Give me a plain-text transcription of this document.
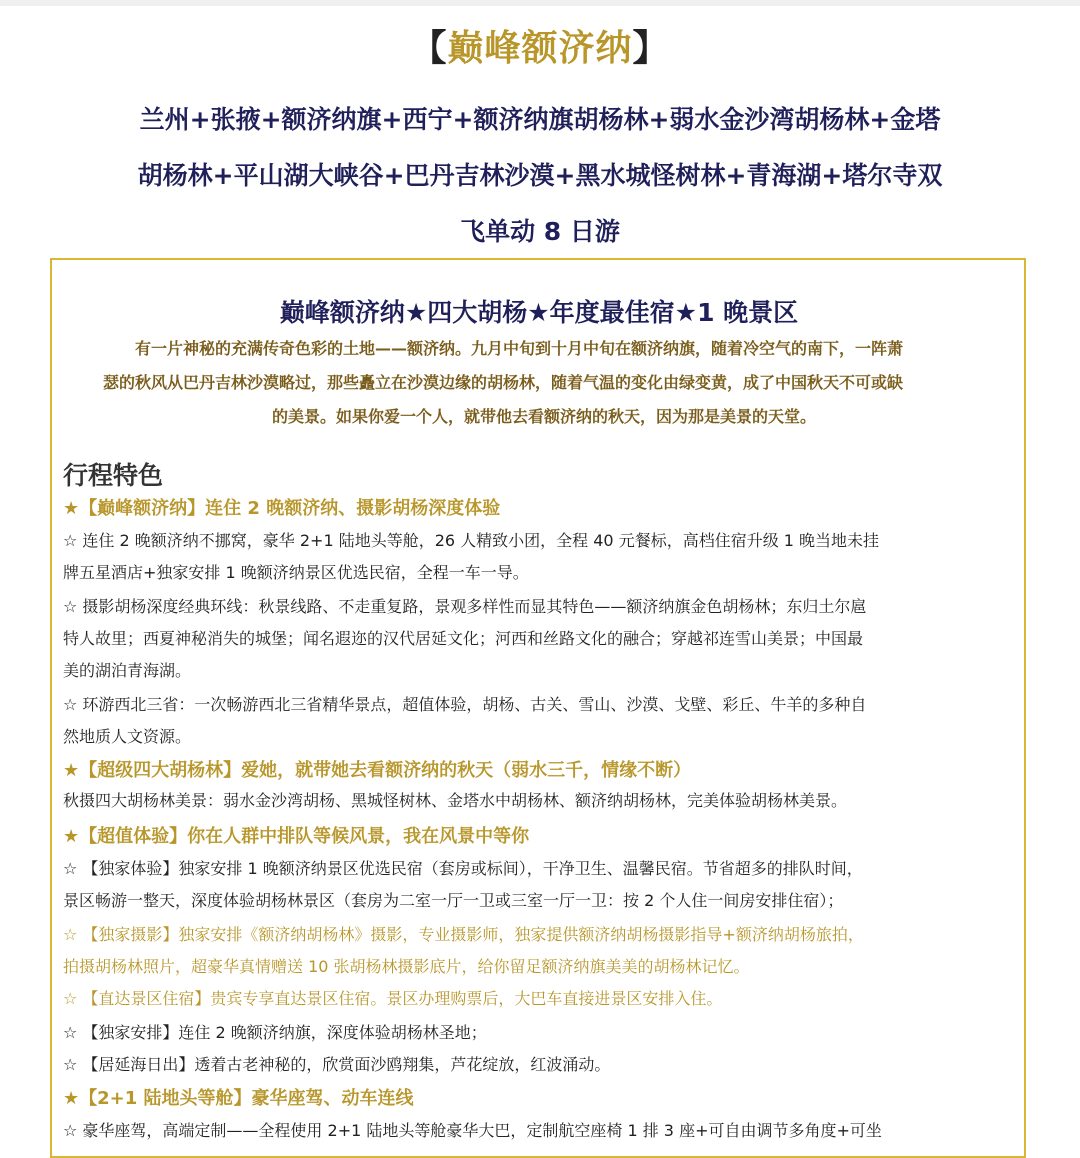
【巅峰额济纳】
兰州+张掖+额济纳旗+西宁+额济纳旗胡杨林+弱水金沙湾胡杨林+金塔
胡杨林+平山湖大峡谷+巴丹吉林沙漠+黑水城怪树林+青海湖+塔尔寺双
飞单动 8 日游
巅峰额济纳★四大胡杨★年度最佳宿★1 晚景区

有一片神秘的充满传奇色彩的土地——额济纳。九月中旬到十月中旬在额济纳旗，随着冷空气的南下，一阵萧

瑟的秋风从巴丹吉林沙漠略过，那些矗立在沙漠边缘的胡杨林，随着气温的变化由绿变黄，成了中国秋天不可或缺

的美景。如果你爱一个人，就带他去看额济纳的秋天，因为那是美景的天堂。

行程特色
★【巅峰额济纳】连住 2 晚额济纳、摄影胡杨深度体验
☆ 连住 2 晚额济纳不挪窝，豪华 2+1 陆地头等舱，26 人精致小团，全程 40 元餐标，高档住宿升级 1 晚当地未挂
牌五星酒店+独家安排 1 晚额济纳景区优选民宿，全程一车一导。
☆ 摄影胡杨深度经典环线：秋景线路、不走重复路，景观多样性而显其特色——额济纳旗金色胡杨林；东归土尔扈
特人故里；西夏神秘消失的城堡；闻名遐迩的汉代居延文化；河西和丝路文化的融合；穿越祁连雪山美景；中国最
美的湖泊青海湖。
☆ 环游西北三省：一次畅游西北三省精华景点，超值体验，胡杨、古关、雪山、沙漠、戈壁、彩丘、牛羊的多种自
然地质人文资源。
★【超级四大胡杨林】爱她，就带她去看额济纳的秋天（弱水三千，情缘不断）
秋摄四大胡杨林美景：弱水金沙湾胡杨、黑城怪树林、金塔水中胡杨林、额济纳胡杨林，完美体验胡杨林美景。
★【超值体验】你在人群中排队等候风景，我在风景中等你
☆ 【独家体验】独家安排 1 晚额济纳景区优选民宿（套房或标间），干净卫生、温馨民宿。节省超多的排队时间，
景区畅游一整天，深度体验胡杨林景区（套房为二室一厅一卫或三室一厅一卫：按 2 个人住一间房安排住宿）；
☆ 【独家摄影】独家安排《额济纳胡杨林》摄影，专业摄影师，独家提供额济纳胡杨摄影指导+额济纳胡杨旅拍，
拍摄胡杨林照片，超豪华真情赠送 10 张胡杨林摄影底片，给你留足额济纳旗美美的胡杨林记忆。
☆ 【直达景区住宿】贵宾专享直达景区住宿。景区办理购票后，大巴车直接进景区安排入住。
☆ 【独家安排】连住 2 晚额济纳旗，深度体验胡杨林圣地；
☆ 【居延海日出】透着古老神秘的，欣赏面沙鸥翔集，芦花绽放，红波涌动。
★【2+1 陆地头等舱】豪华座驾、动车连线
☆ 豪华座驾，高端定制——全程使用 2+1 陆地头等舱豪华大巴，定制航空座椅 1 排 3 座+可自由调节多角度+可坐
